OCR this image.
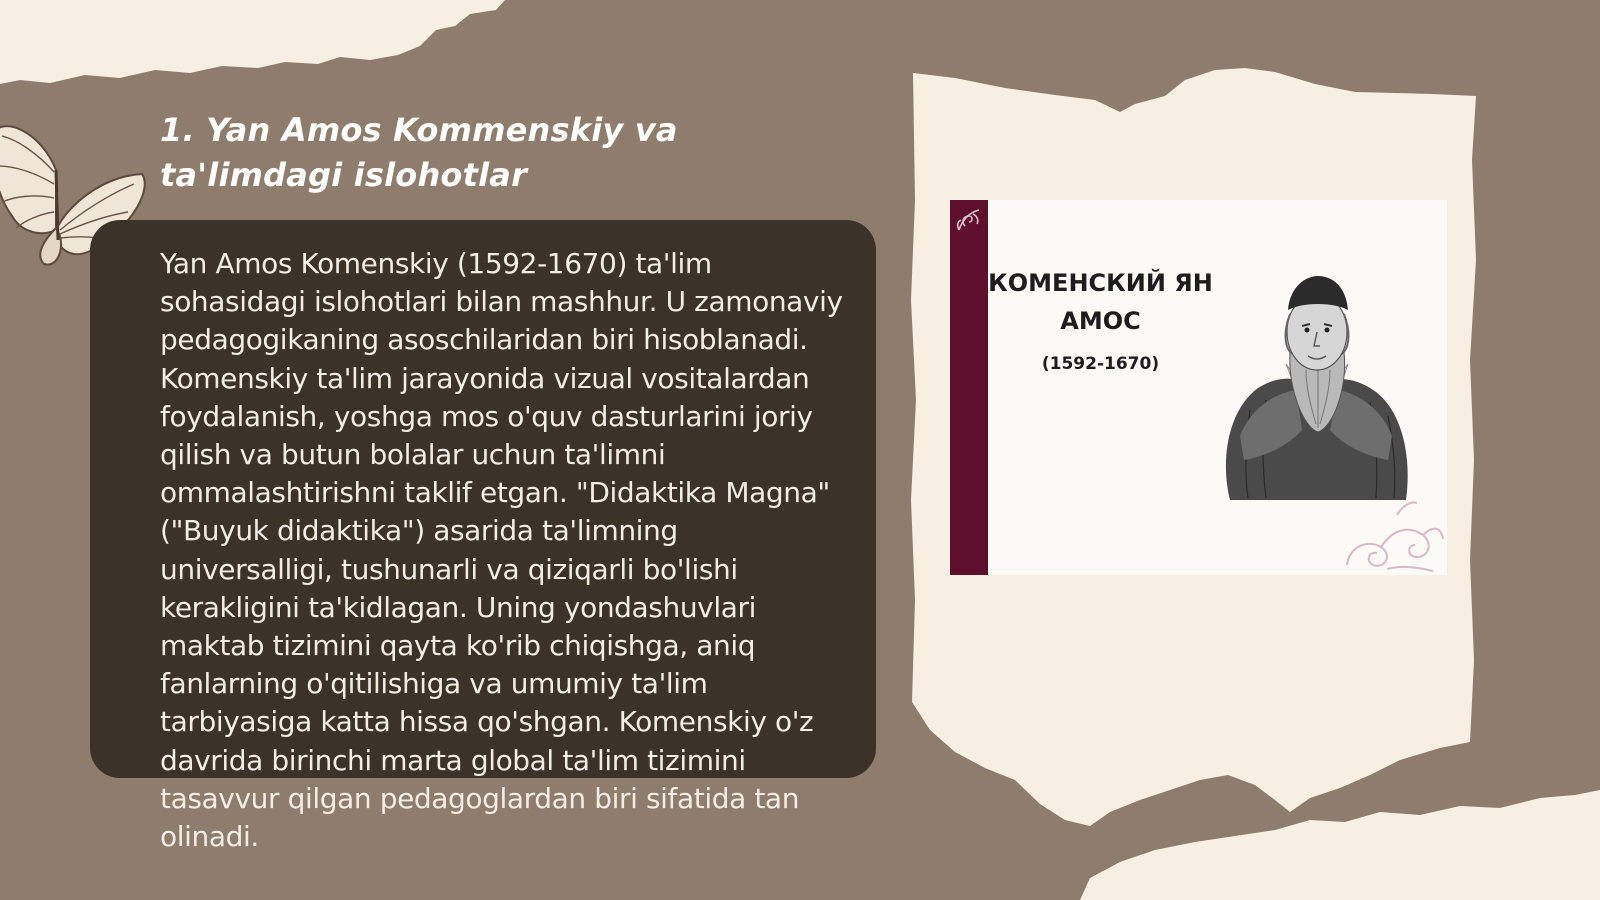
1. Yan Amos Kommenskiy va
ta'limdagi islohotlar

Yan Amos Komenskiy (1592-1670) ta'lim sohasidagi islohotlari bilan mashhur. U zamonaviy pedagogikaning asoschilaridan biri hisoblanadi. Komenskiy ta'lim jarayonida vizual vositalardan foydalanish, yoshga mos o'quv dasturlarini joriy qilish va butun bolalar uchun ta'limni ommalashtirishni taklif etgan. "Didaktika Magna" ("Buyuk didaktika") asarida ta'limning universalligi, tushunarli va qiziqarli bo'lishi kerakligini ta'kidlagan. Uning yondashuvlari maktab tizimini qayta ko'rib chiqishga, aniq fanlarning o'qitilishiga va umumiy ta'lim tarbiyasiga katta hissa qo'shgan. Komenskiy o'z davrida birinchi marta global ta'lim tizimini tasavvur qilgan pedagoglardan biri sifatida tan olinadi.

КОМЕНСКИЙ ЯН
АМОС
(1592-1670)
